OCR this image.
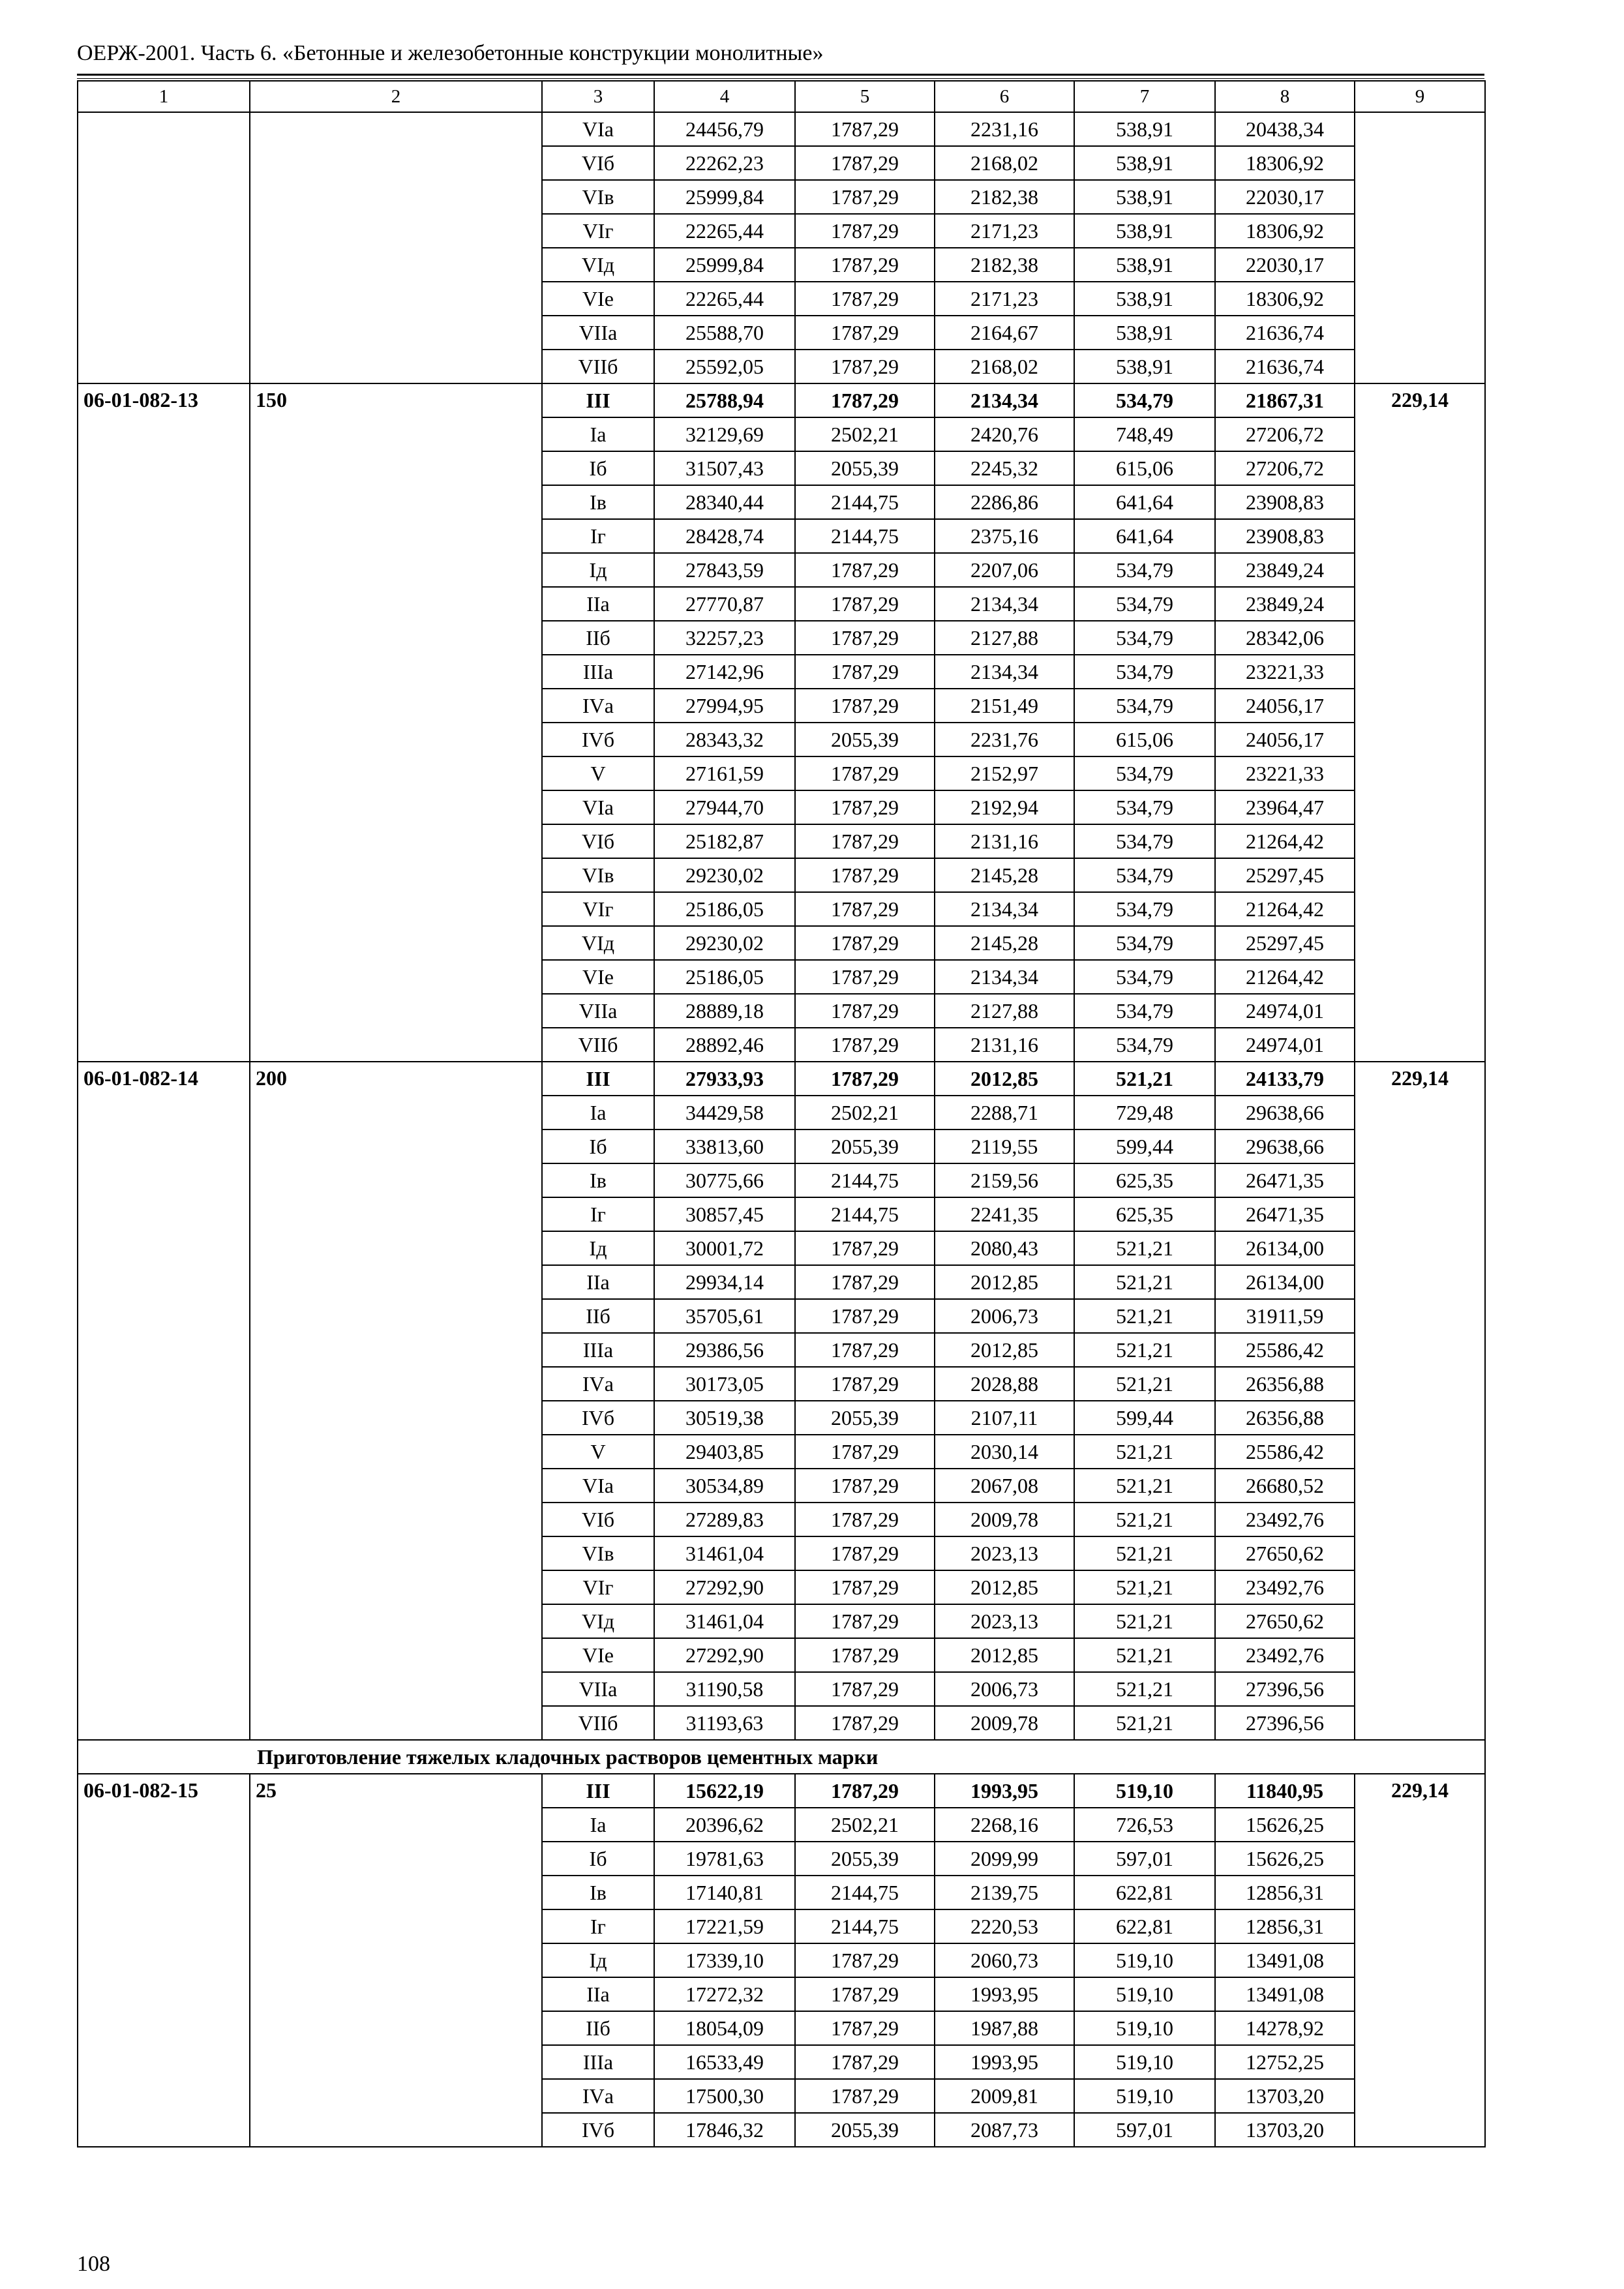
ОЕРЖ-2001. Часть 6. «Бетонные и железобетонные конструкции монолитные»
1	2	3	4	5	6	7	8	9
		VIа	24456,79	1787,29	2231,16	538,91	20438,34	
		VIб	22262,23	1787,29	2168,02	538,91	18306,92	
		VIв	25999,84	1787,29	2182,38	538,91	22030,17	
		VIг	22265,44	1787,29	2171,23	538,91	18306,92	
		VIд	25999,84	1787,29	2182,38	538,91	22030,17	
		VIе	22265,44	1787,29	2171,23	538,91	18306,92	
		VIIа	25588,70	1787,29	2164,67	538,91	21636,74	
		VIIб	25592,05	1787,29	2168,02	538,91	21636,74	
06-01-082-13	150	III	25788,94	1787,29	2134,34	534,79	21867,31	229,14
		Iа	32129,69	2502,21	2420,76	748,49	27206,72	
		Iб	31507,43	2055,39	2245,32	615,06	27206,72	
		Iв	28340,44	2144,75	2286,86	641,64	23908,83	
		Iг	28428,74	2144,75	2375,16	641,64	23908,83	
		Iд	27843,59	1787,29	2207,06	534,79	23849,24	
		IIа	27770,87	1787,29	2134,34	534,79	23849,24	
		IIб	32257,23	1787,29	2127,88	534,79	28342,06	
		IIIа	27142,96	1787,29	2134,34	534,79	23221,33	
		IVа	27994,95	1787,29	2151,49	534,79	24056,17	
		IVб	28343,32	2055,39	2231,76	615,06	24056,17	
		V	27161,59	1787,29	2152,97	534,79	23221,33	
		VIа	27944,70	1787,29	2192,94	534,79	23964,47	
		VIб	25182,87	1787,29	2131,16	534,79	21264,42	
		VIв	29230,02	1787,29	2145,28	534,79	25297,45	
		VIг	25186,05	1787,29	2134,34	534,79	21264,42	
		VIд	29230,02	1787,29	2145,28	534,79	25297,45	
		VIе	25186,05	1787,29	2134,34	534,79	21264,42	
		VIIа	28889,18	1787,29	2127,88	534,79	24974,01	
		VIIб	28892,46	1787,29	2131,16	534,79	24974,01	
06-01-082-14	200	III	27933,93	1787,29	2012,85	521,21	24133,79	229,14
		Iа	34429,58	2502,21	2288,71	729,48	29638,66	
		Iб	33813,60	2055,39	2119,55	599,44	29638,66	
		Iв	30775,66	2144,75	2159,56	625,35	26471,35	
		Iг	30857,45	2144,75	2241,35	625,35	26471,35	
		Iд	30001,72	1787,29	2080,43	521,21	26134,00	
		IIа	29934,14	1787,29	2012,85	521,21	26134,00	
		IIб	35705,61	1787,29	2006,73	521,21	31911,59	
		IIIа	29386,56	1787,29	2012,85	521,21	25586,42	
		IVа	30173,05	1787,29	2028,88	521,21	26356,88	
		IVб	30519,38	2055,39	2107,11	599,44	26356,88	
		V	29403,85	1787,29	2030,14	521,21	25586,42	
		VIа	30534,89	1787,29	2067,08	521,21	26680,52	
		VIб	27289,83	1787,29	2009,78	521,21	23492,76	
		VIв	31461,04	1787,29	2023,13	521,21	27650,62	
		VIг	27292,90	1787,29	2012,85	521,21	23492,76	
		VIд	31461,04	1787,29	2023,13	521,21	27650,62	
		VIе	27292,90	1787,29	2012,85	521,21	23492,76	
		VIIа	31190,58	1787,29	2006,73	521,21	27396,56	
		VIIб	31193,63	1787,29	2009,78	521,21	27396,56	
Приготовление тяжелых кладочных растворов цементных марки								
06-01-082-15	25	III	15622,19	1787,29	1993,95	519,10	11840,95	229,14
		Iа	20396,62	2502,21	2268,16	726,53	15626,25	
		Iб	19781,63	2055,39	2099,99	597,01	15626,25	
		Iв	17140,81	2144,75	2139,75	622,81	12856,31	
		Iг	17221,59	2144,75	2220,53	622,81	12856,31	
		Iд	17339,10	1787,29	2060,73	519,10	13491,08	
		IIа	17272,32	1787,29	1993,95	519,10	13491,08	
		IIб	18054,09	1787,29	1987,88	519,10	14278,92	
		IIIа	16533,49	1787,29	1993,95	519,10	12752,25	
		IVа	17500,30	1787,29	2009,81	519,10	13703,20	
		IVб	17846,32	2055,39	2087,73	597,01	13703,20	
108
